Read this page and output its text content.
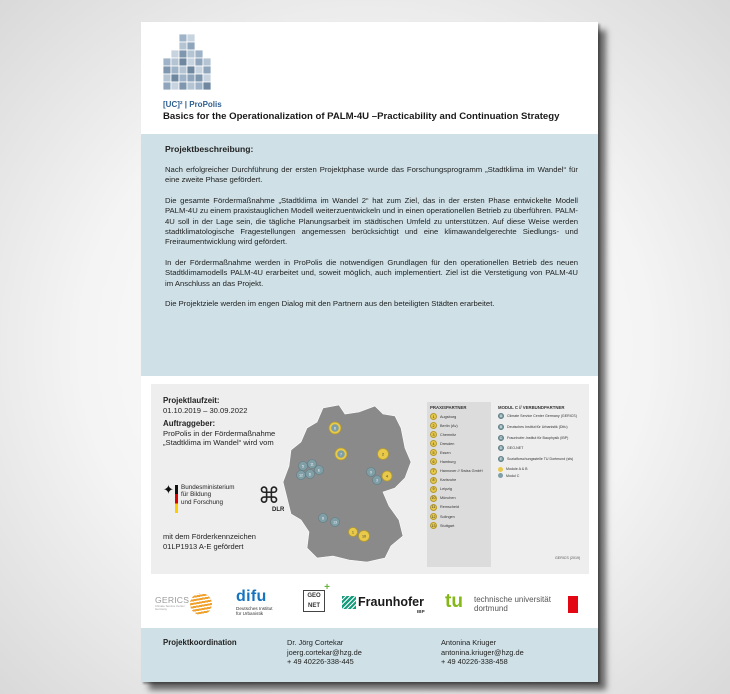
[UC]² | ProPolis
Basics for the Operationalization of PALM-4U –Practicability and Continuation Strategy
Projektbeschreibung:

Nach erfolgreicher Durchführung der ersten Projektphase wurde das Forschungsprogramm „Stadtklima im Wandel“ für eine zweite Phase gefördert.

Die gesamte Fördermaßnahme „Stadtklima im Wandel 2“ hat zum Ziel, das in der ersten Phase entwickelte Modell PALM-4U zu einem praxistauglichen Modell weiterzuentwickeln und in einen operationellen Betrieb zu überführen. PALM-4U soll in der Lage sein, die tägliche Planungsarbeit im städtischen Umfeld zu unterstützen. Auf diese Weise werden stadtklimatologische Fragestellungen angemessen berücksichtigt und eine klimawandelgerechte Siedlungs- und Freiraumentwicklung wird gefördert.

In der Fördermaßnahme werden in ProPolis die notwendigen Grundlagen für den operationellen Betrieb des neuen Stadtklimamodells PALM-4U erarbeitet und, soweit möglich, auch implementiert. Ziel ist die Verstetigung von PALM-4U im Anschluss an das Projekt.

Die Projektziele werden im engen Dialog mit den Partnern aus den beteiligten Städten erarbeitet.

Projektlaufzeit:
01.10.2019 – 30.09.2022
Auftraggeber:
ProPolis in der Fördermaßnahme
„Stadtklima im Wandel“ wird vom
✦ Bundesministerium
für Bildung
und Forschung	⌘
DLR
mit dem Förderkennzeichen
01LP1913 A-E gefördert
6
2
7
5 11
12 D
E	9
4
3
8
13
1
10
PRAXISPARTNER
1	Augsburg
2	Berlin (Av)
3	Chemnitz
4	Dresden
5	Essen
6	Hamburg
7	Hannover // Swiss GmbH
8	Karlsruhe
9	Leipzig
10	München
11	Remscheid
12	Solingen
13	Stuttgart
MODUL C // VERBUNDPARTNER
A	Climate Service Center Germany (GERICS)
B	Deutsches Institut für Urbanistik (Difu)
C	Fraunhofer-Institut für Bauphysik (IBP)
D	GEO-NET
E	Sozialforschungsstelle TU Dortmund (sfs)
Module A & B
Modul C
GERICS (2019)
GERICS
Climate Service Center
Germany
difu
Deutsches Institut
für Urbanistik
GEO
NET
+
Fraunhofer
IBP tu technische universität
dortmund
Projektkoordination	Dr. Jörg Cortekar
joerg.cortekar@hzg.de
+ 49 40226-338-445
Antonina Kriuger
antonina.kriuger@hzg.de
+ 49 40226-338-458
